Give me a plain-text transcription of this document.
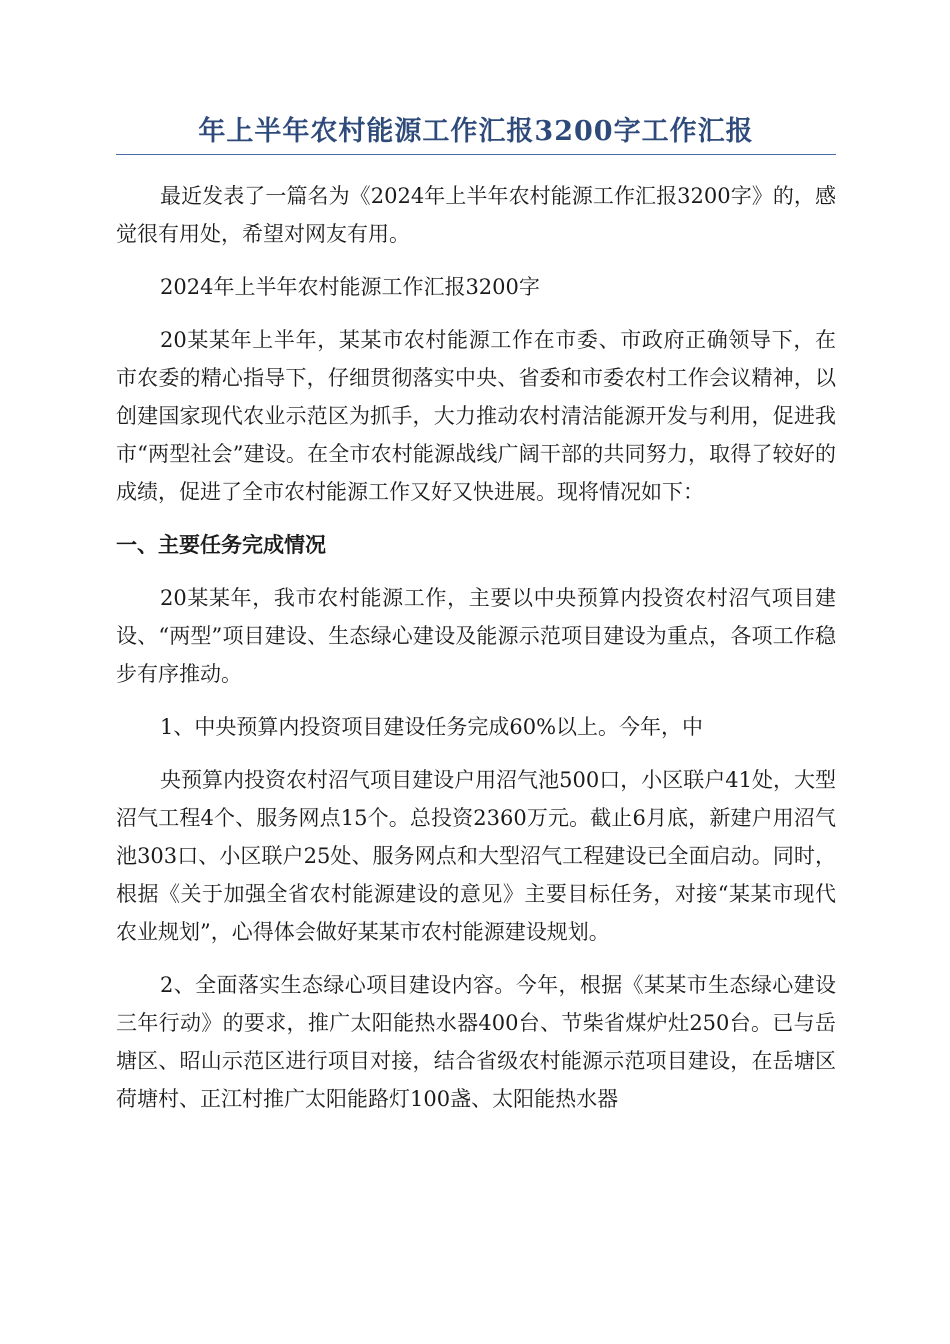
年上半年农村能源工作汇报3200字工作汇报

最近发表了一篇名为《2024年上半年农村能源工作汇报3200字》的，感觉很有用处，希望对网友有用。

2024年上半年农村能源工作汇报3200字

20某某年上半年，某某市农村能源工作在市委、市政府正确领导下，在市农委的精心指导下，仔细贯彻落实中央、省委和市委农村工作会议精神，以创建国家现代农业示范区为抓手，大力推动农村清洁能源开发与利用，促进我市“两型社会”建设。在全市农村能源战线广阔干部的共同努力，取得了较好的成绩，促进了全市农村能源工作又好又快进展。现将情况如下：

一、主要任务完成情况

20某某年，我市农村能源工作，主要以中央预算内投资农村沼气项目建设、“两型”项目建设、生态绿心建设及能源示范项目建设为重点，各项工作稳步有序推动。

1、中央预算内投资项目建设任务完成60%以上。今年，中

央预算内投资农村沼气项目建设户用沼气池500口，小区联户41处，大型沼气工程4个、服务网点15个。总投资2360万元。截止6月底，新建户用沼气池303口、小区联户25处、服务网点和大型沼气工程建设已全面启动。同时，根据《关于加强全省农村能源建设的意见》主要目标任务，对接“某某市现代农业规划”，心得体会做好某某市农村能源建设规划。

2、全面落实生态绿心项目建设内容。今年，根据《某某市生态绿心建设三年行动》的要求，推广太阳能热水器400台、节柴省煤炉灶250台。已与岳塘区、昭山示范区进行项目对接，结合省级农村能源示范项目建设，在岳塘区荷塘村、正江村推广太阳能路灯100盏、太阳能热水器
